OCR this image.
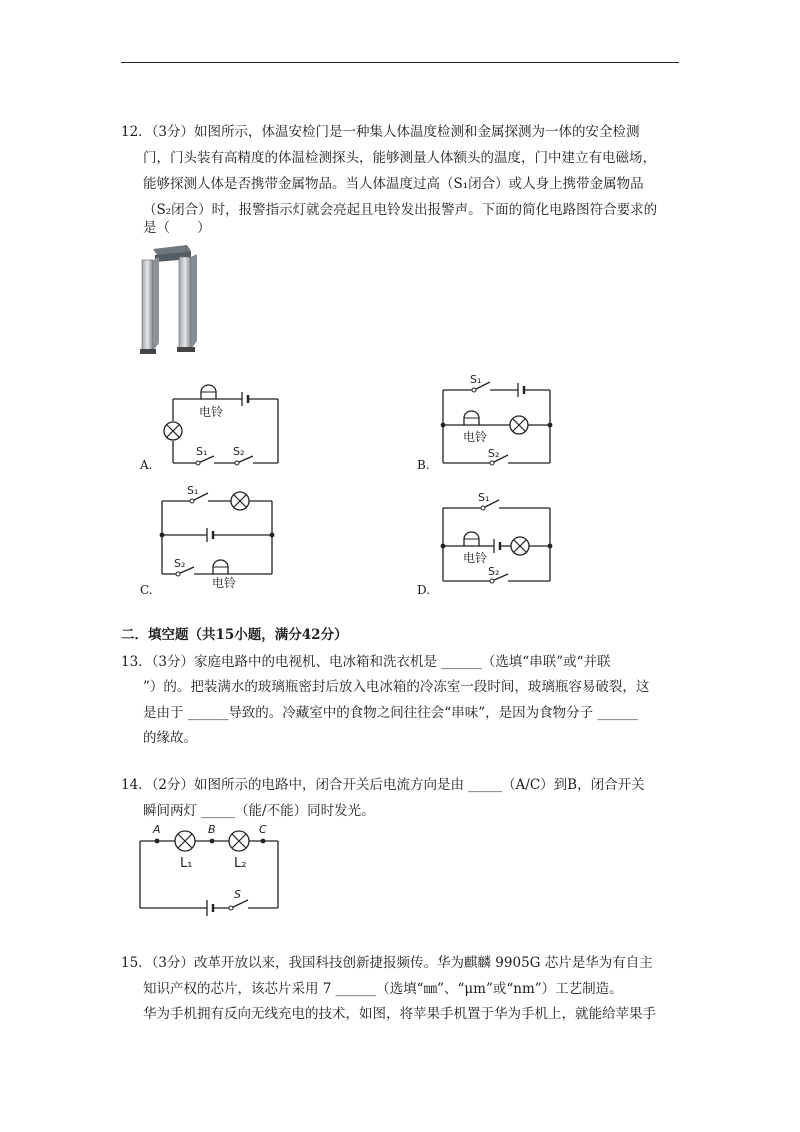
12．（3分）如图所示，体温安检门是一种集人体温度检测和金属探测为一体的安全检测
门，门头装有高精度的体温检测探头，能够测量人体额头的温度，门中建立有电磁场，
能够探测人体是否携带金属物品。当人体温度过高（S₁闭合）或人身上携带金属物品
（S₂闭合）时，报警指示灯就会亮起且电铃发出报警声。下面的简化电路图符合要求的
是（　　）
A.
电铃
S₁ S₂
B.
电铃
S₁
S₂
C.	电铃
S₁
S₂
D.
电铃
S₁
S₂
二．填空题（共15小题，满分42分）
13．（3分）家庭电路中的电视机、电冰箱和洗衣机是 ______（选填“串联”或“并联
”）的。把装满水的玻璃瓶密封后放入电冰箱的冷冻室一段时间，玻璃瓶容易破裂，这
是由于 ______导致的。冷藏室中的食物之间往往会“串味”，是因为食物分子 ______
的缘故。
14．（2分）如图所示的电路中，闭合开关后电流方向是由 _____（A/C）到B，闭合开关
瞬间两灯 _____（能/不能）同时发光。
A	B	C
L₁	L₂
S
15．（3分）改革开放以来，我国科技创新捷报频传。华为麒麟 9905G 芯片是华为有自主
知识产权的芯片，该芯片采用 7 ______（选填“㎜”、“μm”或“nm”）工艺制造。
华为手机拥有反向无线充电的技术，如图，将苹果手机置于华为手机上，就能给苹果手
